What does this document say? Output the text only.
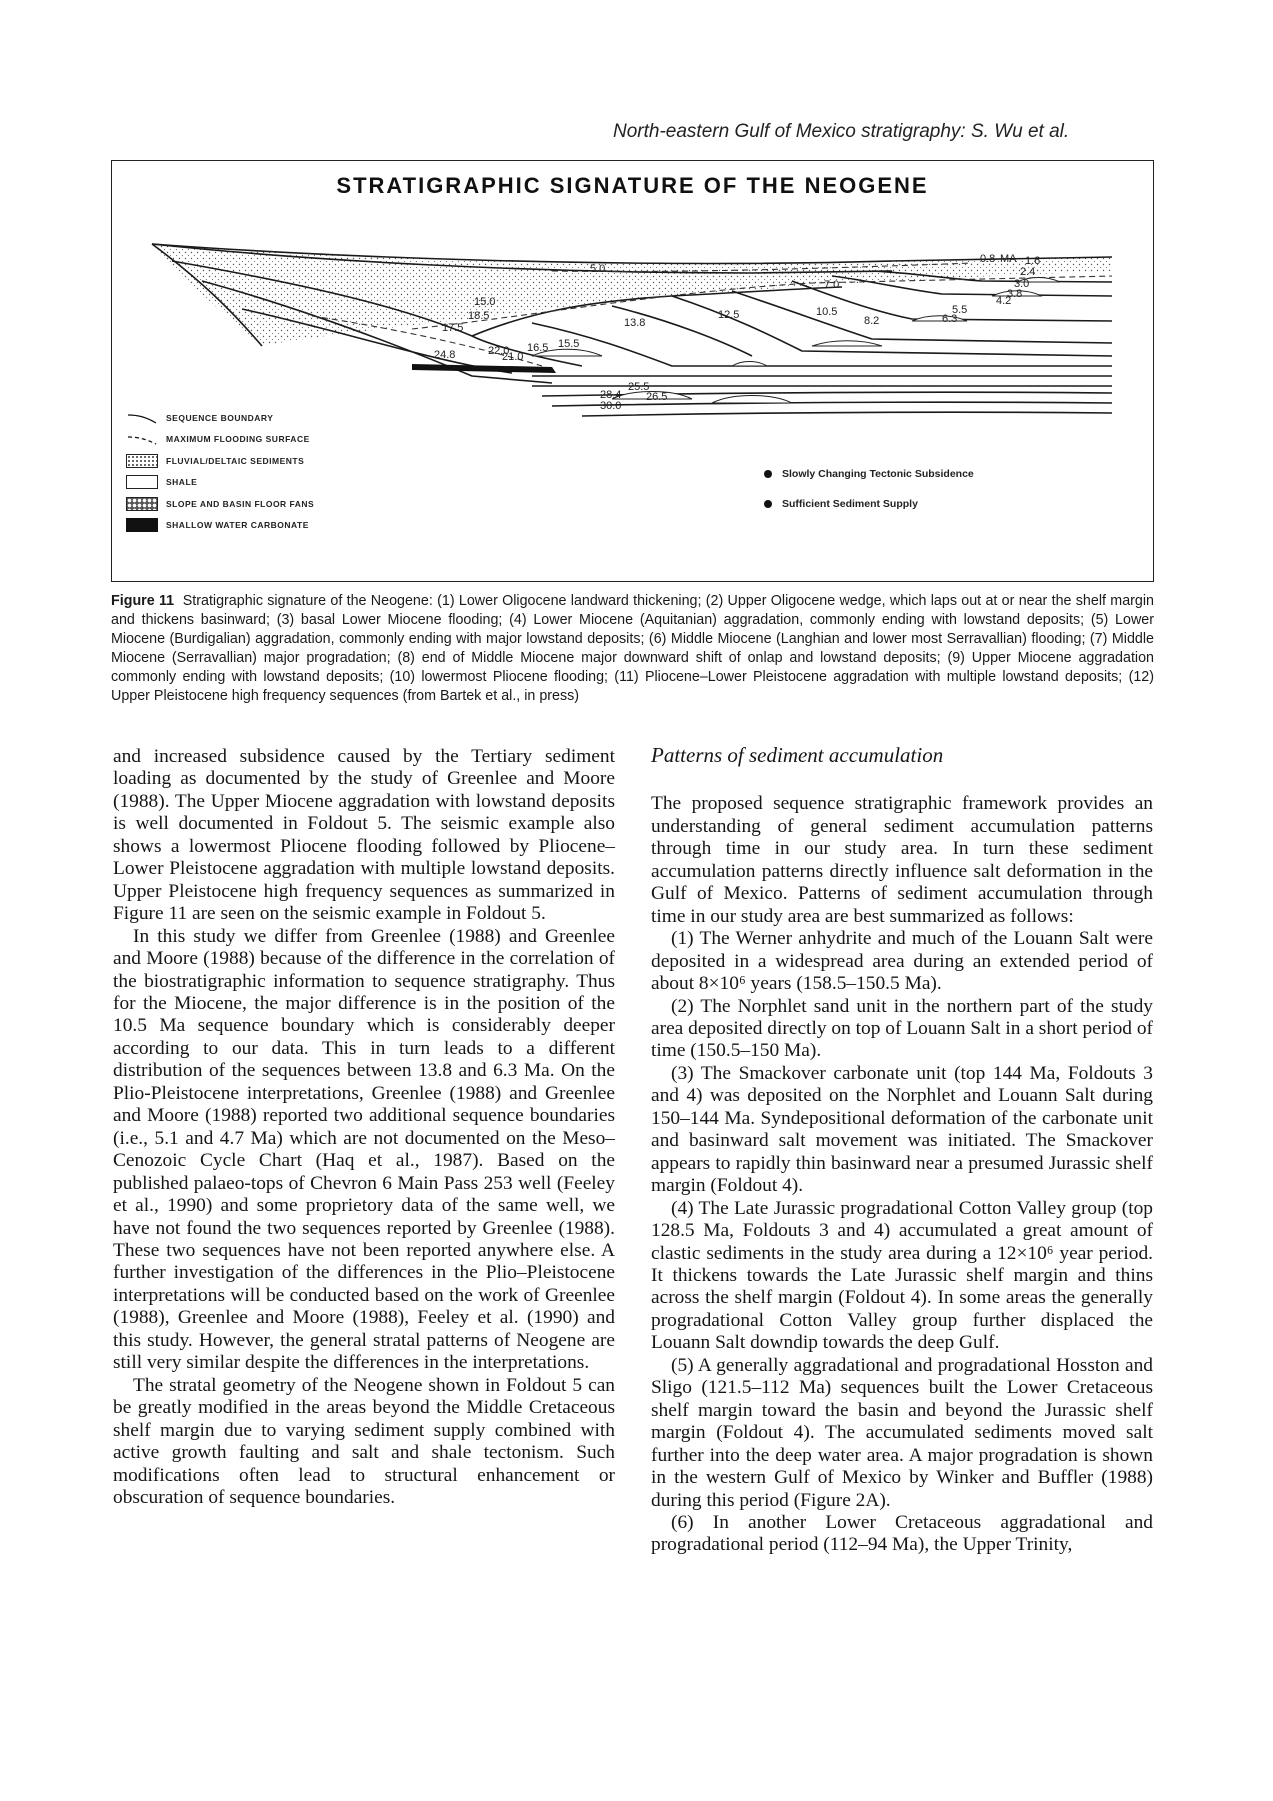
North-eastern Gulf of Mexico stratigraphy: S. Wu et al.
STRATIGRAPHIC SIGNATURE OF THE NEOGENE
0.8 MA 1.6
2.4
3.0
3.8
4.2
5.0
5.5
6.3
7.0
8.2
10.5
12.5
13.8
15.0
15.5
16.5
17.5
18.5
21.0
22.0
24.8
25.5
26.5
28.4
30.0
SEQUENCE BOUNDARY
MAXIMUM FLOODING SURFACE
FLUVIAL/DELTAIC SEDIMENTS
SHALE
SLOPE AND BASIN FLOOR FANS
SHALLOW WATER CARBONATE
Slowly Changing Tectonic Subsidence
Sufficient Sediment Supply
Figure 11 Stratigraphic signature of the Neogene: (1) Lower Oligocene landward thickening; (2) Upper Oligocene wedge, which laps out at or near the shelf margin and thickens basinward; (3) basal Lower Miocene flooding; (4) Lower Miocene (Aquitanian) aggradation, commonly ending with lowstand deposits; (5) Lower Miocene (Burdigalian) aggradation, commonly ending with major lowstand deposits; (6) Middle Miocene (Langhian and lower most Serravallian) flooding; (7) Middle Miocene (Serravallian) major progradation; (8) end of Middle Miocene major downward shift of onlap and lowstand deposits; (9) Upper Miocene aggradation commonly ending with lowstand deposits; (10) lowermost Pliocene flooding; (11) Pliocene–Lower Pleistocene aggradation with multiple lowstand deposits; (12) Upper Pleistocene high frequency sequences (from Bartek et al., in press)

and increased subsidence caused by the Tertiary sediment loading as documented by the study of Greenlee and Moore (1988). The Upper Miocene aggradation with lowstand deposits is well documented in Foldout 5. The seismic example also shows a lowermost Pliocene flooding followed by Pliocene–Lower Pleistocene aggradation with multiple lowstand deposits. Upper Pleistocene high frequency sequences as summarized in Figure 11 are seen on the seismic example in Foldout 5.

In this study we differ from Greenlee (1988) and Greenlee and Moore (1988) because of the difference in the correlation of the biostratigraphic information to sequence stratigraphy. Thus for the Miocene, the major difference is in the position of the 10.5 Ma sequence boundary which is considerably deeper according to our data. This in turn leads to a different distribution of the sequences between 13.8 and 6.3 Ma. On the Plio-Pleistocene interpretations, Greenlee (1988) and Greenlee and Moore (1988) reported two additional sequence boundaries (i.e., 5.1 and 4.7 Ma) which are not documented on the Meso–Cenozoic Cycle Chart (Haq et al., 1987). Based on the published palaeo-tops of Chevron 6 Main Pass 253 well (Feeley et al., 1990) and some proprietory data of the same well, we have not found the two sequences reported by Greenlee (1988). These two sequences have not been reported anywhere else. A further investigation of the differences in the Plio–Pleistocene interpretations will be conducted based on the work of Greenlee (1988), Greenlee and Moore (1988), Feeley et al. (1990) and this study. However, the general stratal patterns of Neogene are still very similar despite the differences in the interpretations.

The stratal geometry of the Neogene shown in Foldout 5 can be greatly modified in the areas beyond the Middle Cretaceous shelf margin due to varying sediment supply combined with active growth faulting and salt and shale tectonism. Such modifications often lead to structural enhancement or obscuration of sequence boundaries.

Patterns of sediment accumulation

The proposed sequence stratigraphic framework provides an understanding of general sediment accumulation patterns through time in our study area. In turn these sediment accumulation patterns directly influence salt deformation in the Gulf of Mexico. Patterns of sediment accumulation through time in our study area are best summarized as follows:

(1) The Werner anhydrite and much of the Louann Salt were deposited in a widespread area during an extended period of about 8×10⁶ years (158.5–150.5 Ma).

(2) The Norphlet sand unit in the northern part of the study area deposited directly on top of Louann Salt in a short period of time (150.5–150 Ma).

(3) The Smackover carbonate unit (top 144 Ma, Foldouts 3 and 4) was deposited on the Norphlet and Louann Salt during 150–144 Ma. Syndepositional deformation of the carbonate unit and basinward salt movement was initiated. The Smackover appears to rapidly thin basinward near a presumed Jurassic shelf margin (Foldout 4).

(4) The Late Jurassic progradational Cotton Valley group (top 128.5 Ma, Foldouts 3 and 4) accumulated a great amount of clastic sediments in the study area during a 12×10⁶ year period. It thickens towards the Late Jurassic shelf margin and thins across the shelf margin (Foldout 4). In some areas the generally progradational Cotton Valley group further displaced the Louann Salt downdip towards the deep Gulf.

(5) A generally aggradational and progradational Hosston and Sligo (121.5–112 Ma) sequences built the Lower Cretaceous shelf margin toward the basin and beyond the Jurassic shelf margin (Foldout 4). The accumulated sediments moved salt further into the deep water area. A major progradation is shown in the western Gulf of Mexico by Winker and Buffler (1988) during this period (Figure 2A).

(6) In another Lower Cretaceous aggradational and progradational period (112–94 Ma), the Upper Trinity,
